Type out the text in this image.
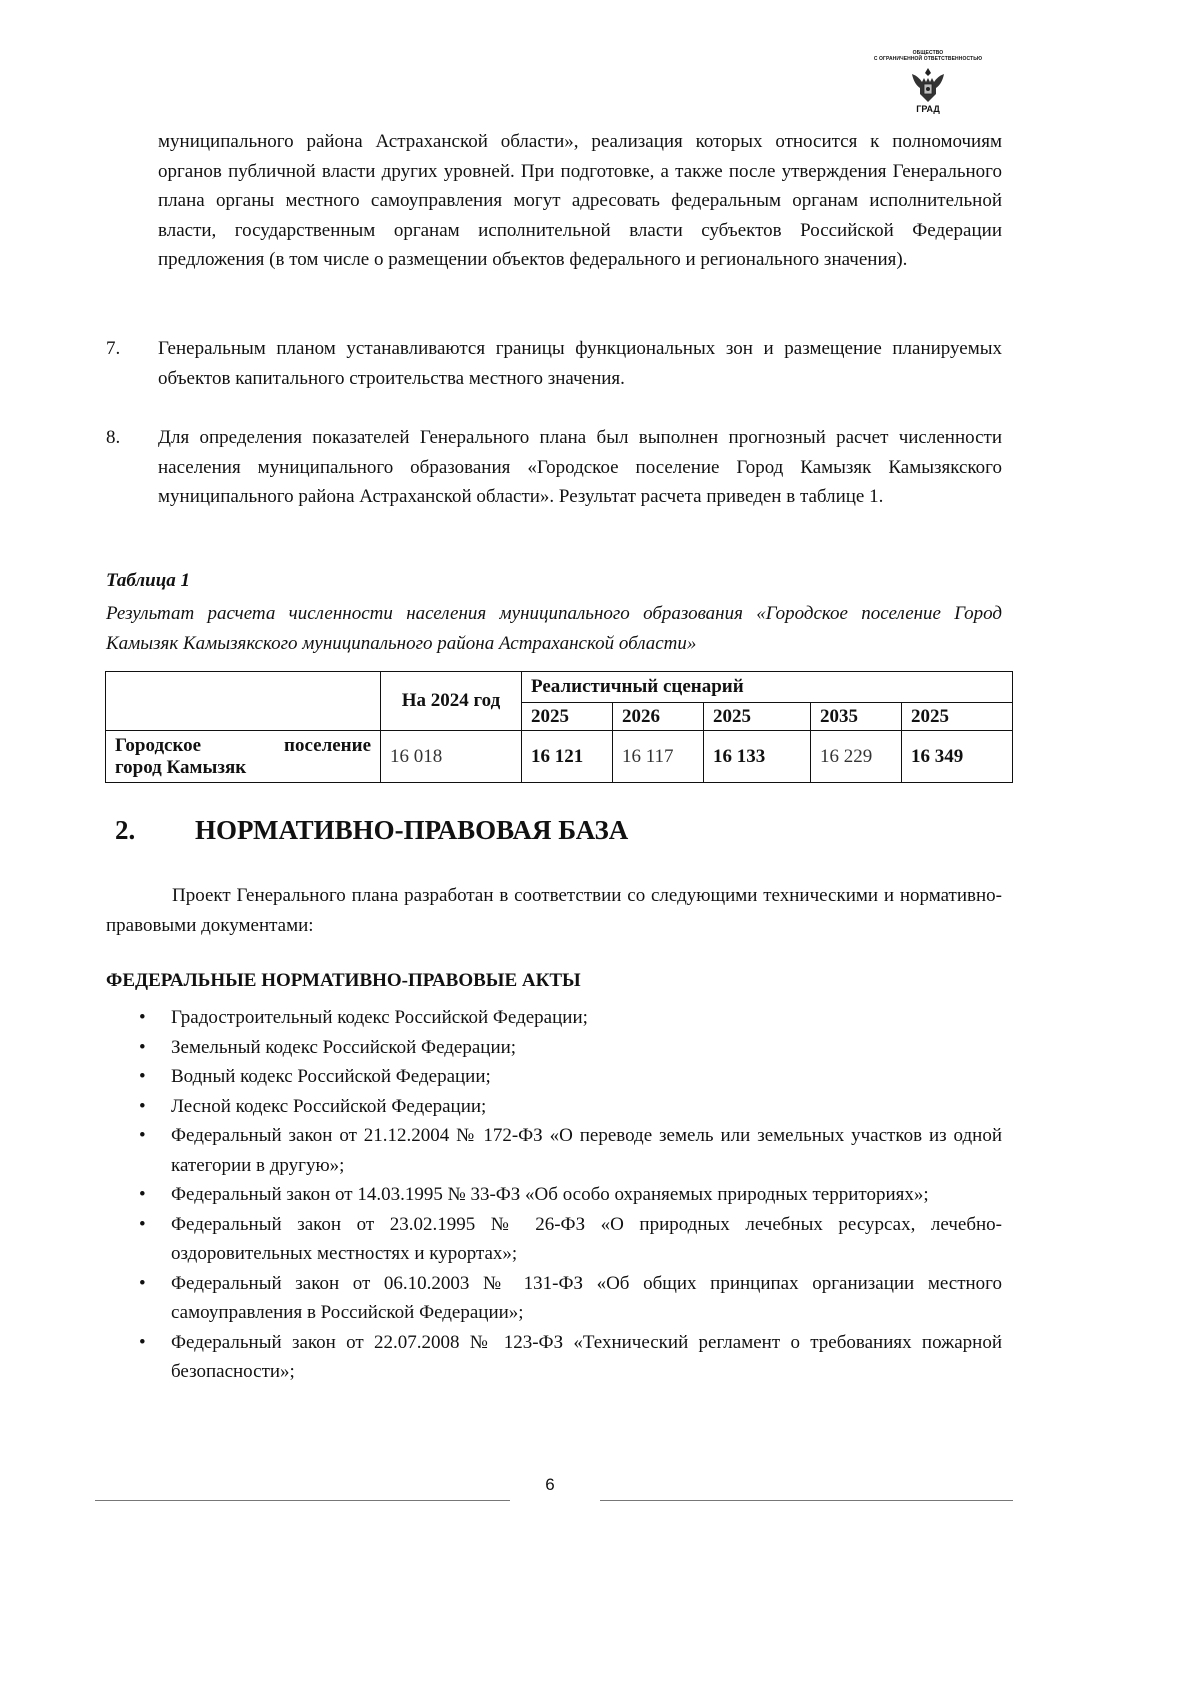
ОБЩЕСТВО
С ОГРАНИЧЕННОЙ ОТВЕТСТВЕННОСТЬЮ
ГРАД
муниципального района Астраханской области», реализация которых относится к полномочиям органов публичной власти других уровней. При подготовке, а также после утверждения Генерального плана органы местного самоуправления могут адресовать федеральным органам исполнительной власти, государственным органам исполнительной власти субъектов Российской Федерации предложения (в том числе о размещении объектов федерального и регионального значения).
7. Генеральным планом устанавливаются границы функциональных зон и размещение планируемых объектов капитального строительства местного значения.
8. Для определения показателей Генерального плана был выполнен прогнозный расчет численности населения муниципального образования «Городское поселение Город Камызяк Камызякского муниципального района Астраханской области». Результат расчета приведен в таблице 1.
Таблица 1
Результат расчета численности населения муниципального образования «Городское поселение Город Камызяк Камызякского муниципального района Астраханской области»
	На 2024 год	Реалистичный сценарий				
		2025	2026	2025	2035	2025

Городское поселение
город Камызяк	16 018	16 121	16 117	16 133	16 229	16 349
2. НОРМАТИВНО-ПРАВОВАЯ БАЗА
Проект Генерального плана разработан в соответствии со следующими техническими и нормативно-правовыми документами:
ФЕДЕРАЛЬНЫЕ НОРМАТИВНО-ПРАВОВЫЕ АКТЫ
• Градостроительный кодекс Российской Федерации;
• Земельный кодекс Российской Федерации;
• Водный кодекс Российской Федерации;
• Лесной кодекс Российской Федерации;
• Федеральный закон от 21.12.2004 № 172-ФЗ «О переводе земель или земельных участков из одной категории в другую»;
• Федеральный закон от 14.03.1995 № 33-ФЗ «Об особо охраняемых природных территориях»;
• Федеральный закон от 23.02.1995 № 26-ФЗ «О природных лечебных ресурсах, лечебно-оздоровительных местностях и курортах»;
• Федеральный закон от 06.10.2003 № 131-ФЗ «Об общих принципах организации местного самоуправления в Российской Федерации»;
• Федеральный закон от 22.07.2008 № 123-ФЗ «Технический регламент о требованиях пожарной безопасности»;
6
